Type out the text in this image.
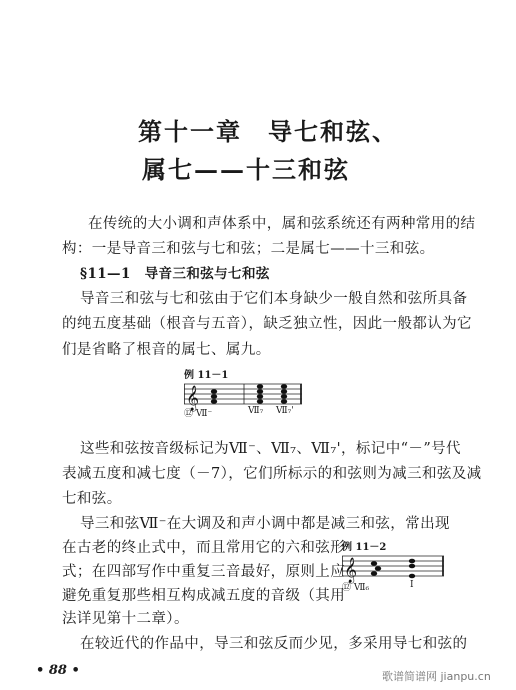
第十一章　导七和弦、
属七——十三和弦

在传统的大小调和声体系中，属和弦系统还有两种常用的结

构：一是导音三和弦与七和弦；二是属七——十三和弦。

§11—1　导音三和弦与七和弦

导音三和弦与七和弦由于它们本身缺少一般自然和弦所具备

的纯五度基础（根音与五音），缺乏独立性，因此一般都认为它

们是省略了根音的属七、属九。

例 11－1
𝄞
⑫ Ⅶ⁻	Ⅶ₇ Ⅶ₇'

这些和弦按音级标记为Ⅶ⁻、Ⅶ₇、Ⅶ₇'，标记中“－”号代

表减五度和减七度（－7），它们所标示的和弦则为减三和弦及减

七和弦。

导三和弦Ⅶ⁻在大调及和声小调中都是减三和弦，常出现

在古老的终止式中，而且常用它的六和弦形

式；在四部写作中重复三音最好，原则上应

避免重复那些相互构成减五度的音级（其用

法详见第十二章）。

在较近代的作品中，导三和弦反而少见，多采用导七和弦的

例 11－2
𝄞
⑫ Ⅶ₆	Ⅰ
• 88 •	歌谱简谱网 jianpu.cn
